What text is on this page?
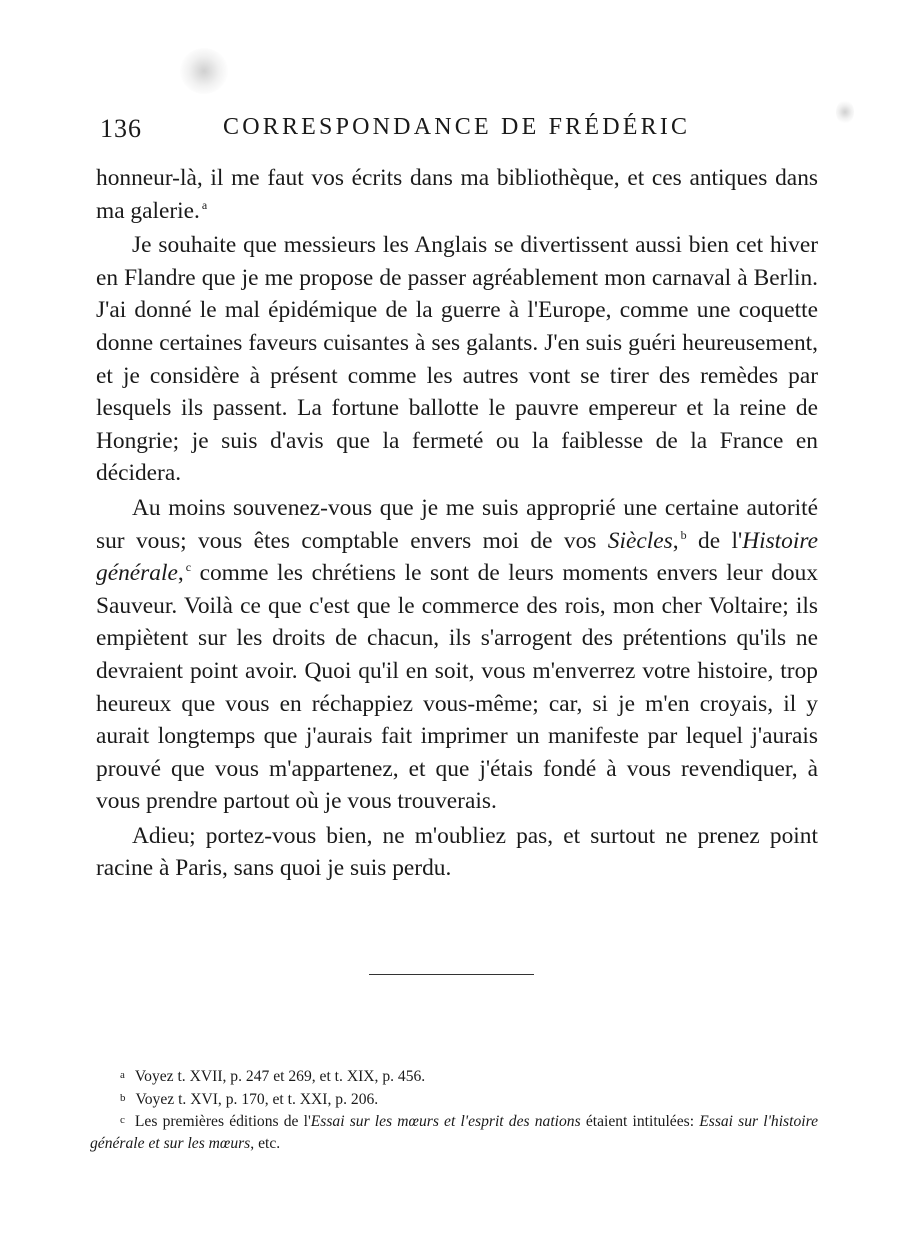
136	CORRESPONDANCE DE FRÉDÉRIC

honneur-là, il me faut vos écrits dans ma bibliothèque, et ces antiques dans ma galerie. $^a$

Je souhaite que messieurs les Anglais se divertissent aussi bien cet hiver en Flandre que je me propose de passer agréablement mon carnaval à Berlin. J'ai donné le mal épidémique de la guerre à l'Europe, comme une coquette donne certaines faveurs cuisantes à ses galants. J'en suis guéri heureusement, et je considère à présent comme les autres vont se tirer des remèdes par lesquels ils passent. La fortune ballotte le pauvre empereur et la reine de Hongrie; je suis d'avis que la fermeté ou la faiblesse de la France en décidera.

Au moins souvenez-vous que je me suis approprié une certaine autorité sur vous; vous êtes comptable envers moi de vos Siècles, $^b$ de l'Histoire générale, $^c$ comme les chrétiens le sont de leurs moments envers leur doux Sauveur. Voilà ce que c'est que le commerce des rois, mon cher Voltaire; ils empiètent sur les droits de chacun, ils s'arrogent des prétentions qu'ils ne devraient point avoir. Quoi qu'il en soit, vous m'enverrez votre histoire, trop heureux que vous en réchappiez vous-même; car, si je m'en croyais, il y aurait longtemps que j'aurais fait imprimer un manifeste par lequel j'aurais prouvé que vous m'appartenez, et que j'étais fondé à vous revendiquer, à vous prendre partout où je vous trouverais.

Adieu; portez-vous bien, ne m'oubliez pas, et surtout ne prenez point racine à Paris, sans quoi je suis perdu.

a Voyez t. XVII, p. 247 et 269, et t. XIX, p. 456.

b Voyez t. XVI, p. 170, et t. XXI, p. 206.

c Les premières éditions de l'Essai sur les mœurs et l'esprit des nations étaient intitulées: Essai sur l'histoire générale et sur les mœurs, etc.
